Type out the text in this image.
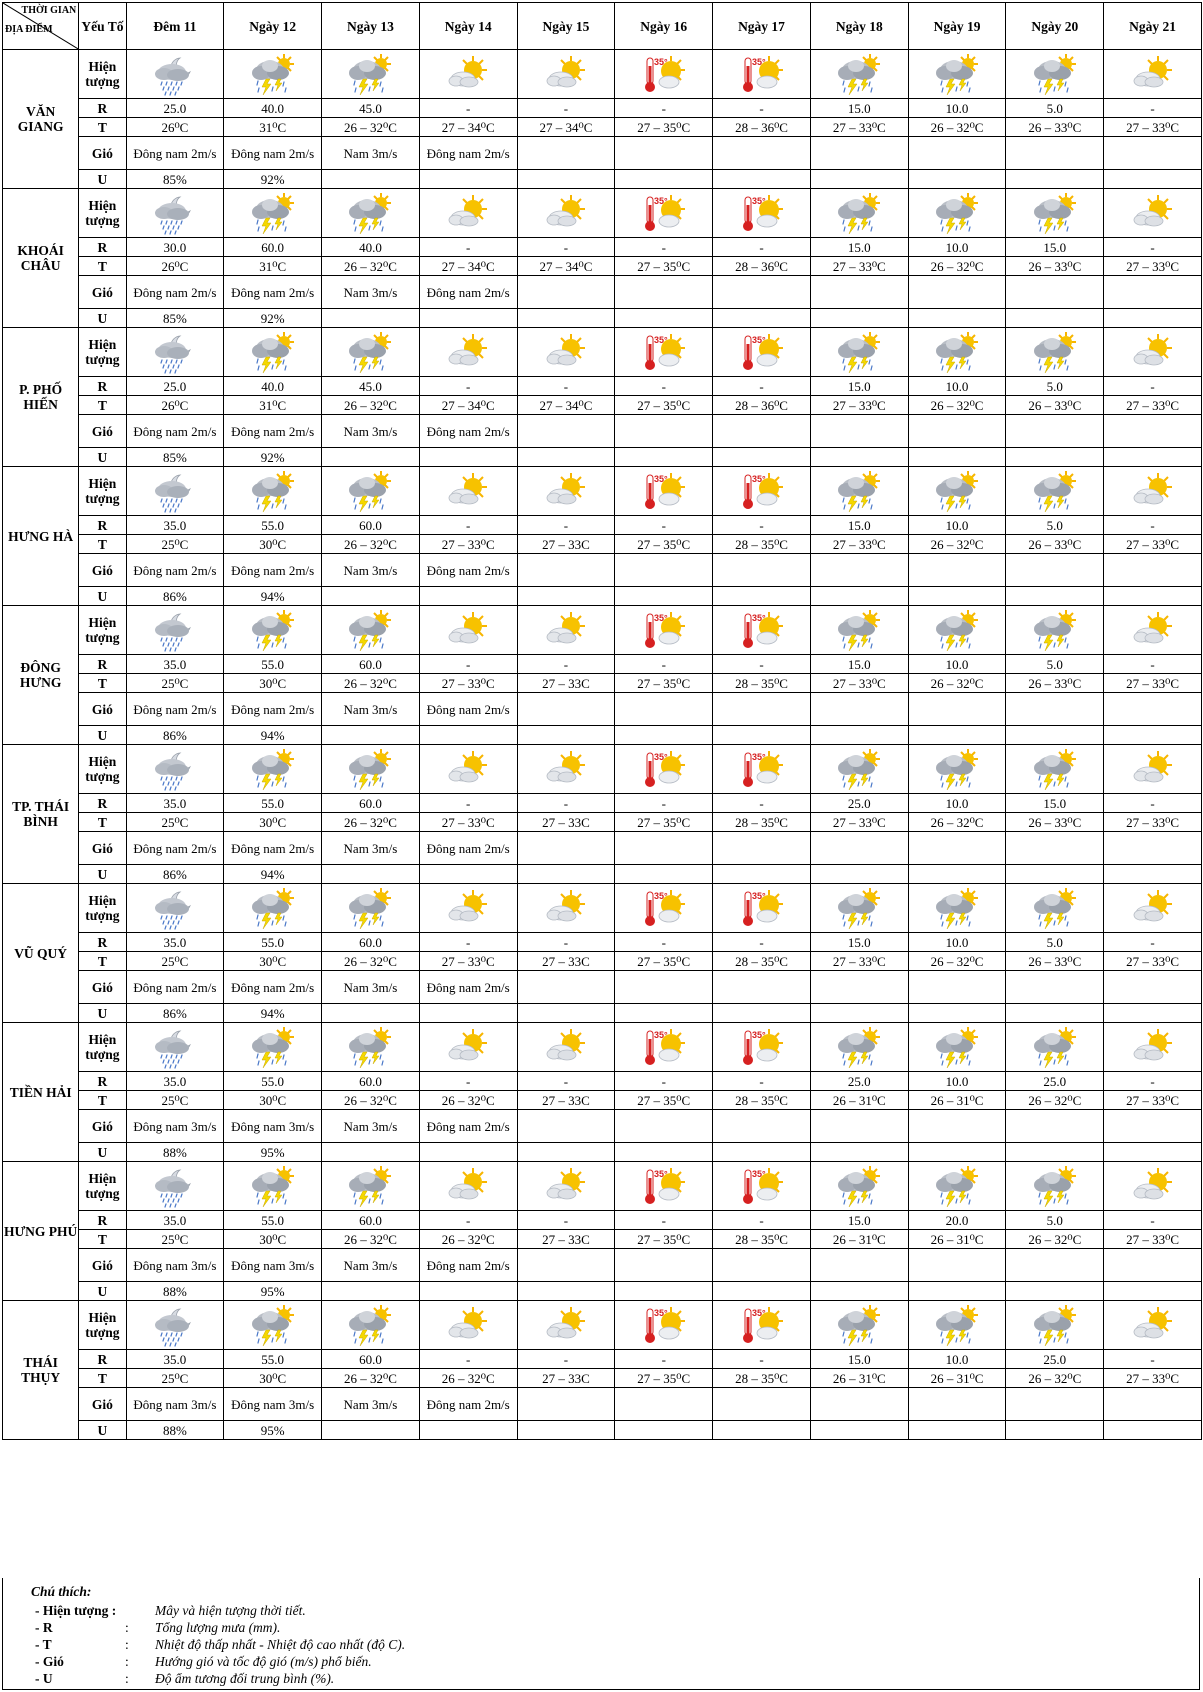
THỜI GIAN
ĐỊA ĐIỂM	Yếu Tố	Đêm 11	Ngày 12	Ngày 13	Ngày 14	Ngày 15	Ngày 16	Ngày 17	Ngày 18	Ngày 19	Ngày 20	Ngày 21
VĂN GIANG	Hiện tượng	

	R	25.0	40.0	45.0	-	-	-	-	15.0	10.0	5.0	-
	T	26⁰C	31⁰C	26 – 32⁰C	27 – 34⁰C	27 – 34⁰C	27 – 35⁰C	28 – 36⁰C	27 – 33⁰C	26 – 32⁰C	26 – 33⁰C	27 – 33⁰C
	Gió	Đông nam 2m/s	Đông nam 2m/s	Nam 3m/s	Đông nam 2m/s							
	U	85%	92%									
KHOÁI CHÂU	Hiện tượng	

	R	30.0	60.0	40.0	-	-	-	-	15.0	10.0	15.0	-
	T	26⁰C	31⁰C	26 – 32⁰C	27 – 34⁰C	27 – 34⁰C	27 – 35⁰C	28 – 36⁰C	27 – 33⁰C	26 – 32⁰C	26 – 33⁰C	27 – 33⁰C
	Gió	Đông nam 2m/s	Đông nam 2m/s	Nam 3m/s	Đông nam 2m/s							
	U	85%	92%									
P. PHỐ HIẾN	Hiện tượng	

	R	25.0	40.0	45.0	-	-	-	-	15.0	10.0	5.0	-
	T	26⁰C	31⁰C	26 – 32⁰C	27 – 34⁰C	27 – 34⁰C	27 – 35⁰C	28 – 36⁰C	27 – 33⁰C	26 – 32⁰C	26 – 33⁰C	27 – 33⁰C
	Gió	Đông nam 2m/s	Đông nam 2m/s	Nam 3m/s	Đông nam 2m/s							
	U	85%	92%									
HƯNG HÀ	Hiện tượng	

	R	35.0	55.0	60.0	-	-	-	-	15.0	10.0	5.0	-
	T	25⁰C	30⁰C	26 – 32⁰C	27 – 33⁰C	27 – 33C	27 – 35⁰C	28 – 35⁰C	27 – 33⁰C	26 – 32⁰C	26 – 33⁰C	27 – 33⁰C
	Gió	Đông nam 2m/s	Đông nam 2m/s	Nam 3m/s	Đông nam 2m/s							
	U	86%	94%									
ĐÔNG HƯNG	Hiện tượng	

	R	35.0	55.0	60.0	-	-	-	-	15.0	10.0	5.0	-
	T	25⁰C	30⁰C	26 – 32⁰C	27 – 33⁰C	27 – 33C	27 – 35⁰C	28 – 35⁰C	27 – 33⁰C	26 – 32⁰C	26 – 33⁰C	27 – 33⁰C
	Gió	Đông nam 2m/s	Đông nam 2m/s	Nam 3m/s	Đông nam 2m/s							
	U	86%	94%									
TP. THÁI BÌNH	Hiện tượng	

	R	35.0	55.0	60.0	-	-	-	-	25.0	10.0	15.0	-
	T	25⁰C	30⁰C	26 – 32⁰C	27 – 33⁰C	27 – 33C	27 – 35⁰C	28 – 35⁰C	27 – 33⁰C	26 – 32⁰C	26 – 33⁰C	27 – 33⁰C
	Gió	Đông nam 2m/s	Đông nam 2m/s	Nam 3m/s	Đông nam 2m/s							
	U	86%	94%									
VŨ QUÝ	Hiện tượng	

	R	35.0	55.0	60.0	-	-	-	-	15.0	10.0	5.0	-
	T	25⁰C	30⁰C	26 – 32⁰C	27 – 33⁰C	27 – 33C	27 – 35⁰C	28 – 35⁰C	27 – 33⁰C	26 – 32⁰C	26 – 33⁰C	27 – 33⁰C
	Gió	Đông nam 2m/s	Đông nam 2m/s	Nam 3m/s	Đông nam 2m/s							
	U	86%	94%									
TIỀN HẢI	Hiện tượng	

	R	35.0	55.0	60.0	-	-	-	-	25.0	10.0	25.0	-
	T	25⁰C	30⁰C	26 – 32⁰C	26 – 32⁰C	27 – 33C	27 – 35⁰C	28 – 35⁰C	26 – 31⁰C	26 – 31⁰C	26 – 32⁰C	27 – 33⁰C
	Gió	Đông nam 3m/s	Đông nam 3m/s	Nam 3m/s	Đông nam 2m/s							
	U	88%	95%									
HƯNG PHÚ	Hiện tượng	

	R	35.0	55.0	60.0	-	-	-	-	15.0	20.0	5.0	-
	T	25⁰C	30⁰C	26 – 32⁰C	26 – 32⁰C	27 – 33C	27 – 35⁰C	28 – 35⁰C	26 – 31⁰C	26 – 31⁰C	26 – 32⁰C	27 – 33⁰C
	Gió	Đông nam 3m/s	Đông nam 3m/s	Nam 3m/s	Đông nam 2m/s							
	U	88%	95%									
THÁI THỤY	Hiện tượng	

	R	35.0	55.0	60.0	-	-	-	-	15.0	10.0	25.0	-
	T	25⁰C	30⁰C	26 – 32⁰C	26 – 32⁰C	27 – 33C	27 – 35⁰C	28 – 35⁰C	26 – 31⁰C	26 – 31⁰C	26 – 32⁰C	27 – 33⁰C
	Gió	Đông nam 3m/s	Đông nam 3m/s	Nam 3m/s	Đông nam 2m/s							
	U	88%	95%									
Chú thích:
- Hiện tượng :	Mây và hiện tượng thời tiết.
- R	: Tổng lượng mưa (mm).
- T	: Nhiệt độ thấp nhất - Nhiệt độ cao nhất (độ C).
- Gió	: Hướng gió và tốc độ gió (m/s) phổ biến.
- U	: Độ ẩm tương đối trung bình (%).
